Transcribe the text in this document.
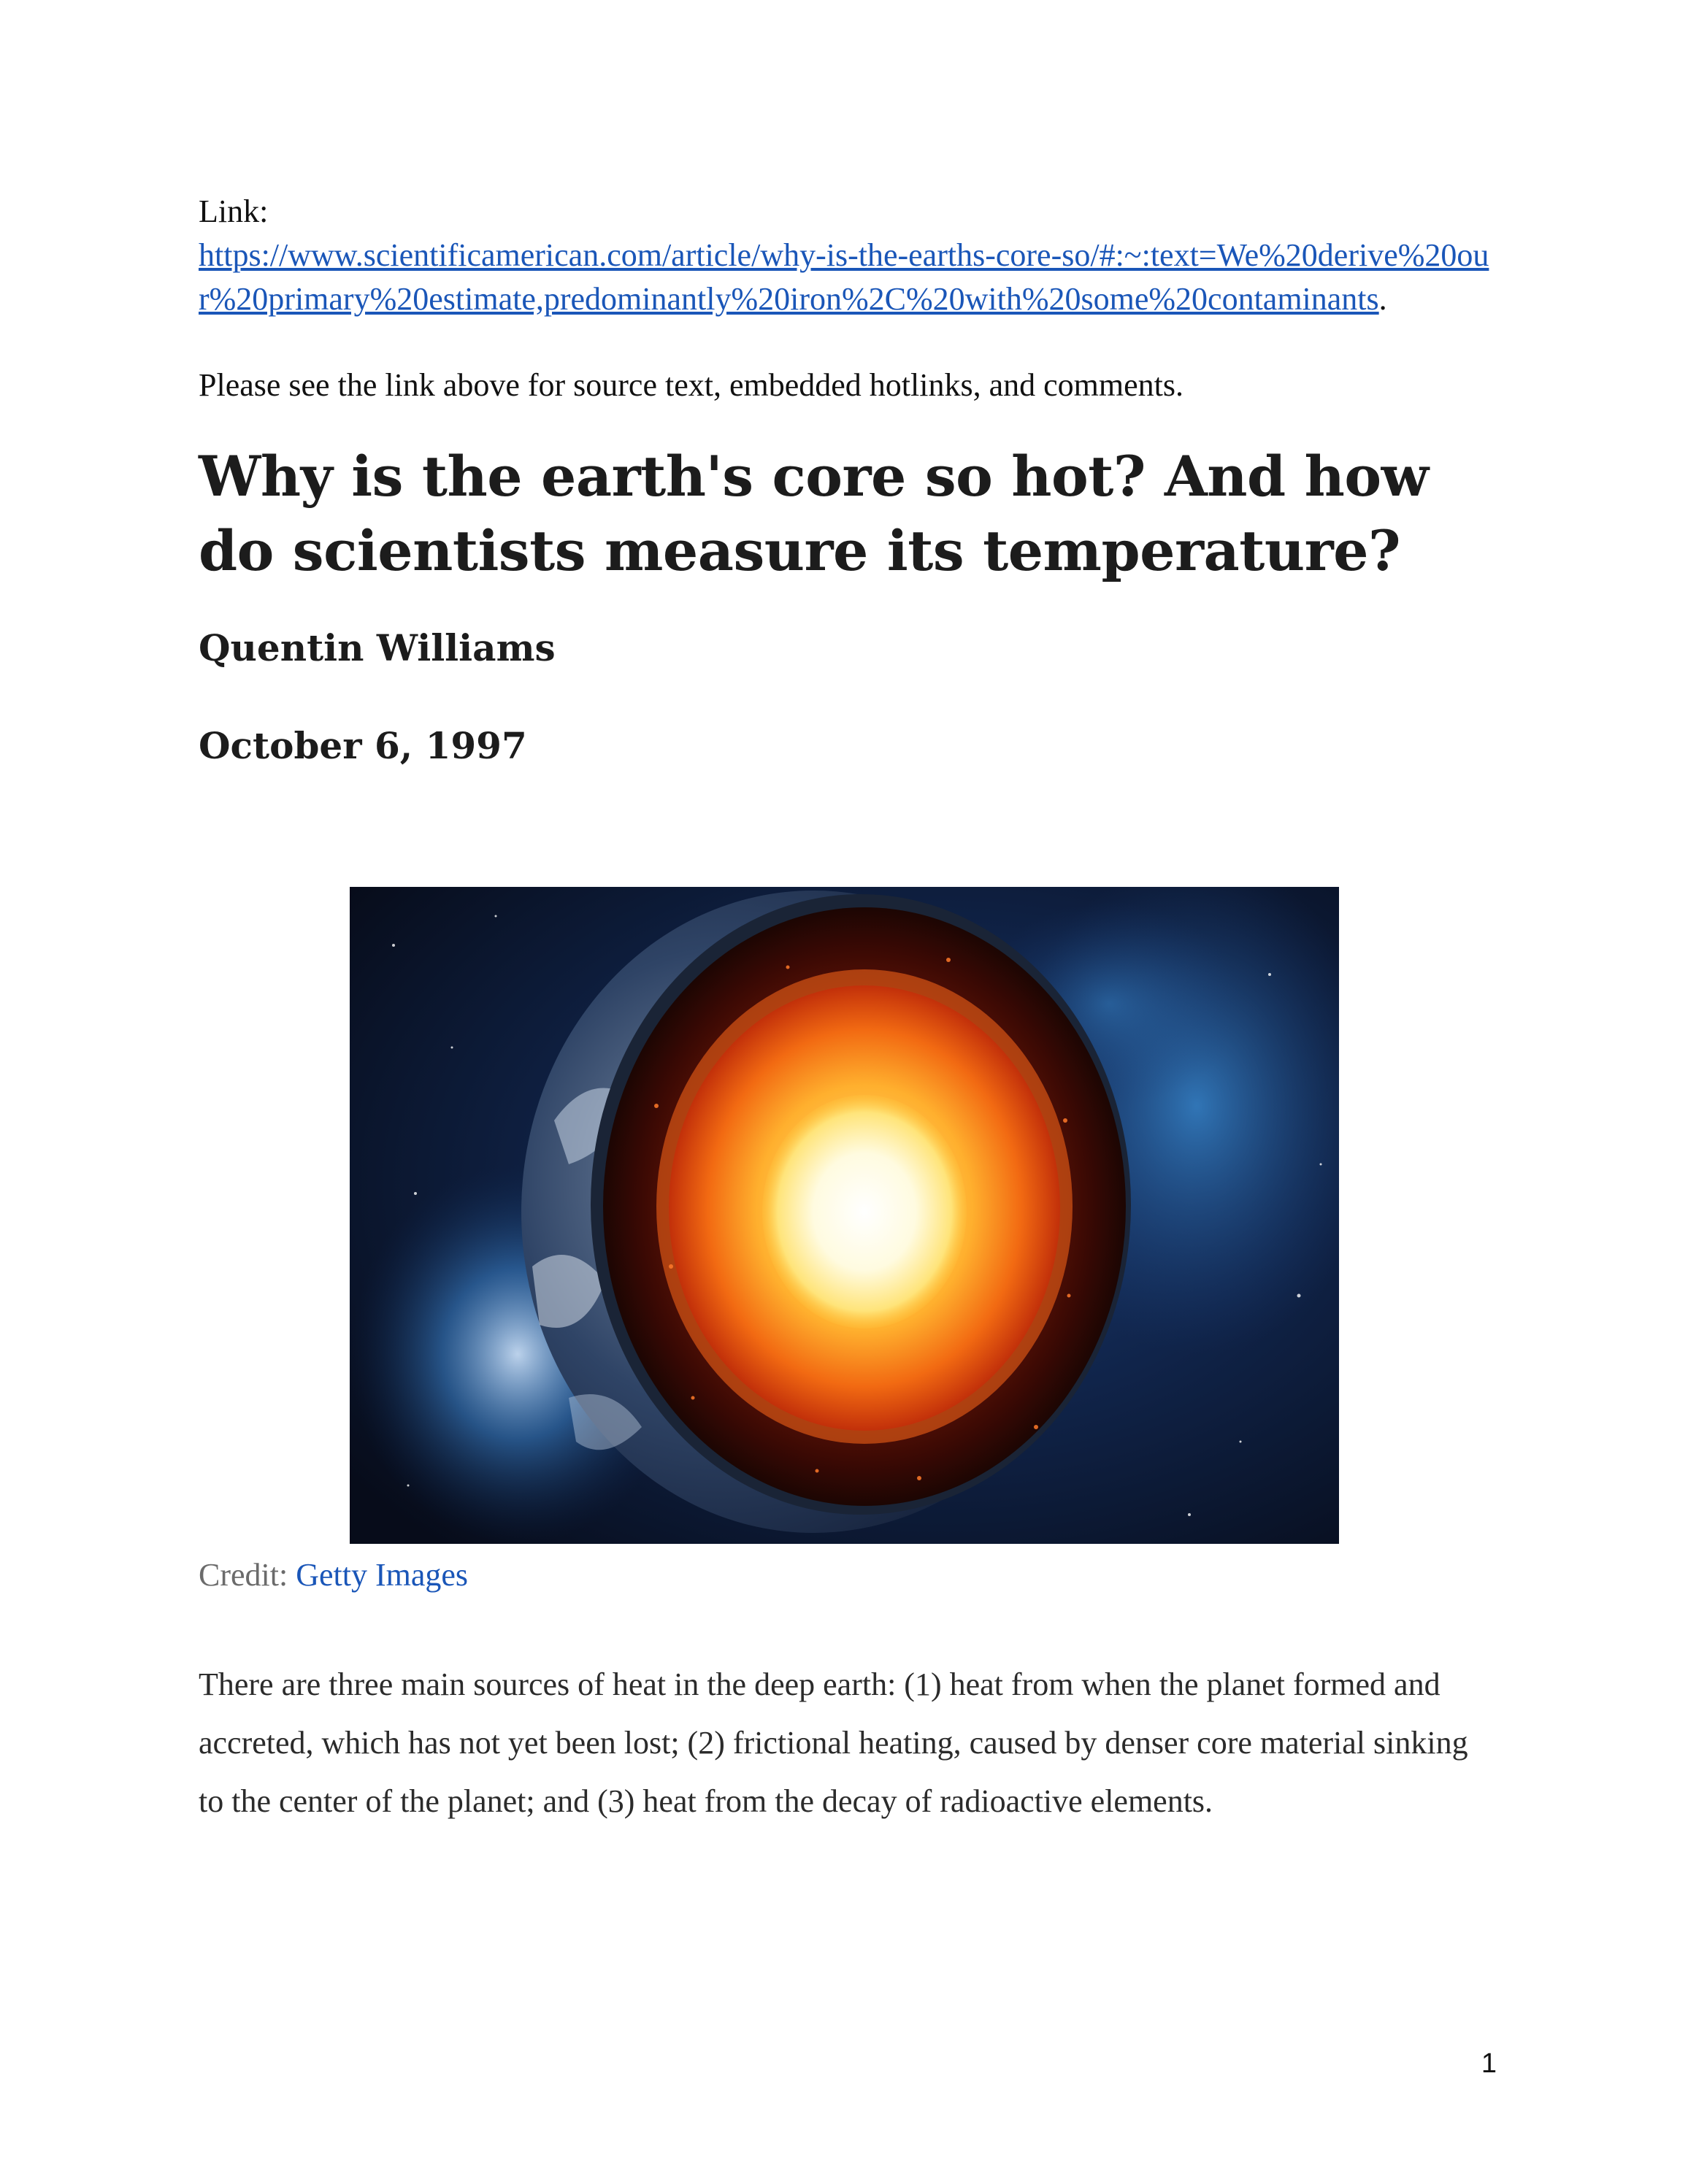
Link:
https://www.scientificamerican.com/article/why-is-the-earths-core-so/#:~:text=We%20derive%20our%20primary%20estimate,predominantly%20iron%2C%20with%20some%20contaminants.
Please see the link above for source text, embedded hotlinks, and comments.
Why is the earth's core so hot? And how do scientists measure its temperature?
Quentin Williams
October 6, 1997
Credit: Getty Images
There are three main sources of heat in the deep earth: (1) heat from when the planet formed and accreted, which has not yet been lost; (2) frictional heating, caused by denser core material sinking to the center of the planet; and (3) heat from the decay of radioactive elements.
1
